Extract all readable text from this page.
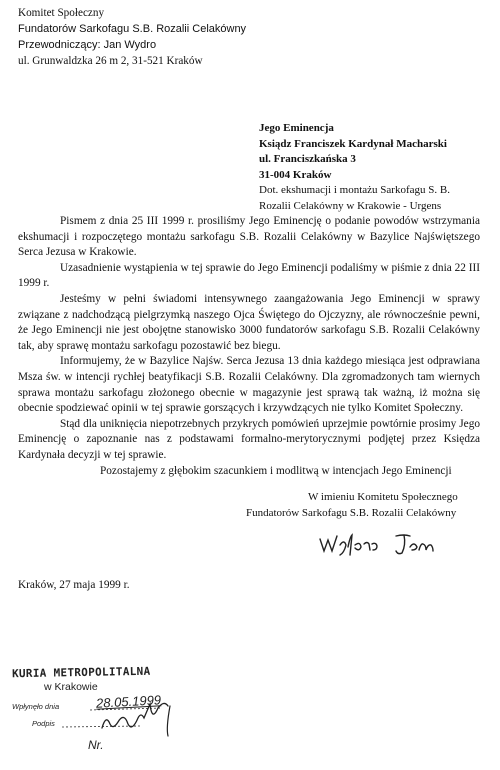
Komitet Społeczny
Fundatorów Sarkofagu S.B. Rozalii Celakówny
Przewodniczący: Jan Wydro
ul. Grunwaldzka 26 m 2, 31-521 Kraków
Jego Eminencja
Ksiądz Franciszek Kardynał Macharski
ul. Franciszkańska 3
31-004 Kraków
Dot. ekshumacji i montażu Sarkofagu S. B.
Rozalii Celakówny w Krakowie - Urgens

Pismem z dnia 25 III 1999 r. prosiliśmy Jego Eminencję o podanie powodów wstrzymania ekshumacji i rozpoczętego montażu sarkofagu S.B. Rozalii Celakówny w Bazylice Najświętszego Serca Jezusa w Krakowie.

Uzasadnienie wystąpienia w tej sprawie do Jego Eminencji podaliśmy w piśmie z dnia 22 III 1999 r.

Jesteśmy w pełni świadomi intensywnego zaangażowania Jego Eminencji w sprawy związane z nadchodzącą pielgrzymką naszego Ojca Świętego do Ojczyzny, ale równocześnie pewni, że Jego Eminencji nie jest obojętne stanowisko 3000 fundatorów sarkofagu S.B. Rozalii Celakówny tak, aby sprawę montażu sarkofagu pozostawić bez biegu.

Informujemy, że w Bazylice Najśw. Serca Jezusa 13 dnia każdego miesiąca jest odprawiana Msza św. w intencji rychłej beatyfikacji S.B. Rozalii Celakówny. Dla zgromadzonych tam wiernych sprawa montażu sarkofagu złożonego obecnie w magazynie jest sprawą tak ważną, iż można się obecnie spodziewać opinii w tej sprawie gorszących i krzywdzących nie tylko Komitet Społeczny.

Stąd dla uniknięcia niepotrzebnych przykrych pomówień uprzejmie powtórnie prosimy Jego Eminencję o zapoznanie nas z podstawami formalno-merytorycznymi podjętej przez Księdza Kardynała decyzji w tej sprawie.

Pozostajemy z głębokim szacunkiem i modlitwą w intencjach Jego Eminencji

W imieniu Komitetu Społecznego
Fundatorów Sarkofagu S.B. Rozalii Celakówny
Kraków, 27 maja 1999 r.
KURIA METROPOLITALNA
w Krakowie
Wpłynęło dnia	28.05.1999
Podpis
Nr.
